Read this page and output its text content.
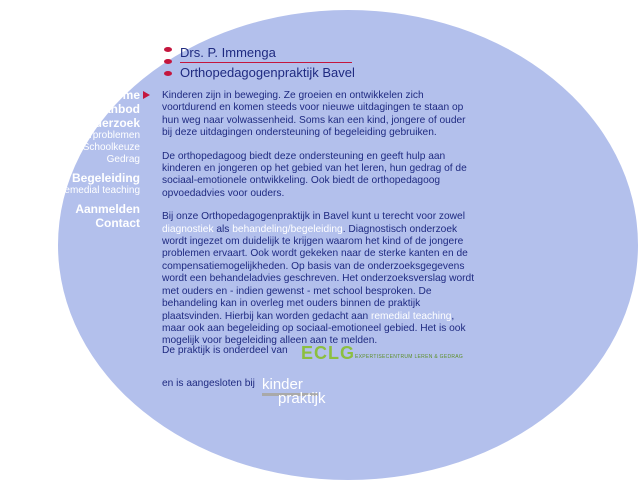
Drs. P. Immenga
Orthopedagogenpraktijk Bavel
Home
Aanbod
Onderzoek
Leerproblemen
Schoolkeuze
Gedrag
Begeleiding
Remedial teaching
Aanmelden
Contact

Kinderen zijn in beweging. Ze groeien en ontwikkelen zich voortdurend en komen steeds voor nieuwe uitdagingen te staan op hun weg naar volwassenheid. Soms kan een kind, jongere of ouder bij deze uitdagingen ondersteuning of begeleiding gebruiken.

De orthopedagoog biedt deze ondersteuning en geeft hulp aan kinderen en jongeren op het gebied van het leren, hun gedrag of de sociaal-emotionele ontwikkeling. Ook biedt de orthopedagoog opvoedadvies voor ouders.

Bij onze Orthopedagogenpraktijk in Bavel kunt u terecht voor zowel diagnostiek als behandeling/begeleiding. Diagnostisch onderzoek wordt ingezet om duidelijk te krijgen waarom het kind of de jongere problemen ervaart. Ook wordt gekeken naar de sterke kanten en de compensatiemogelijkheden. Op basis van de onderzoeksgegevens wordt een behandeladvies geschreven. Het onderzoeksverslag wordt met ouders en - indien gewenst - met school besproken. De behandeling kan in overleg met ouders binnen de praktijk plaatsvinden. Hierbij kan worden gedacht aan remedial teaching, maar ook aan begeleiding op sociaal-emotioneel gebied. Het is ook mogelijk voor begeleiding alleen aan te melden.

De praktijk is onderdeel van ECLG EXPERTISECENTRUM LEREN & GEDRAG
en is aangesloten bij kinder
praktijk
